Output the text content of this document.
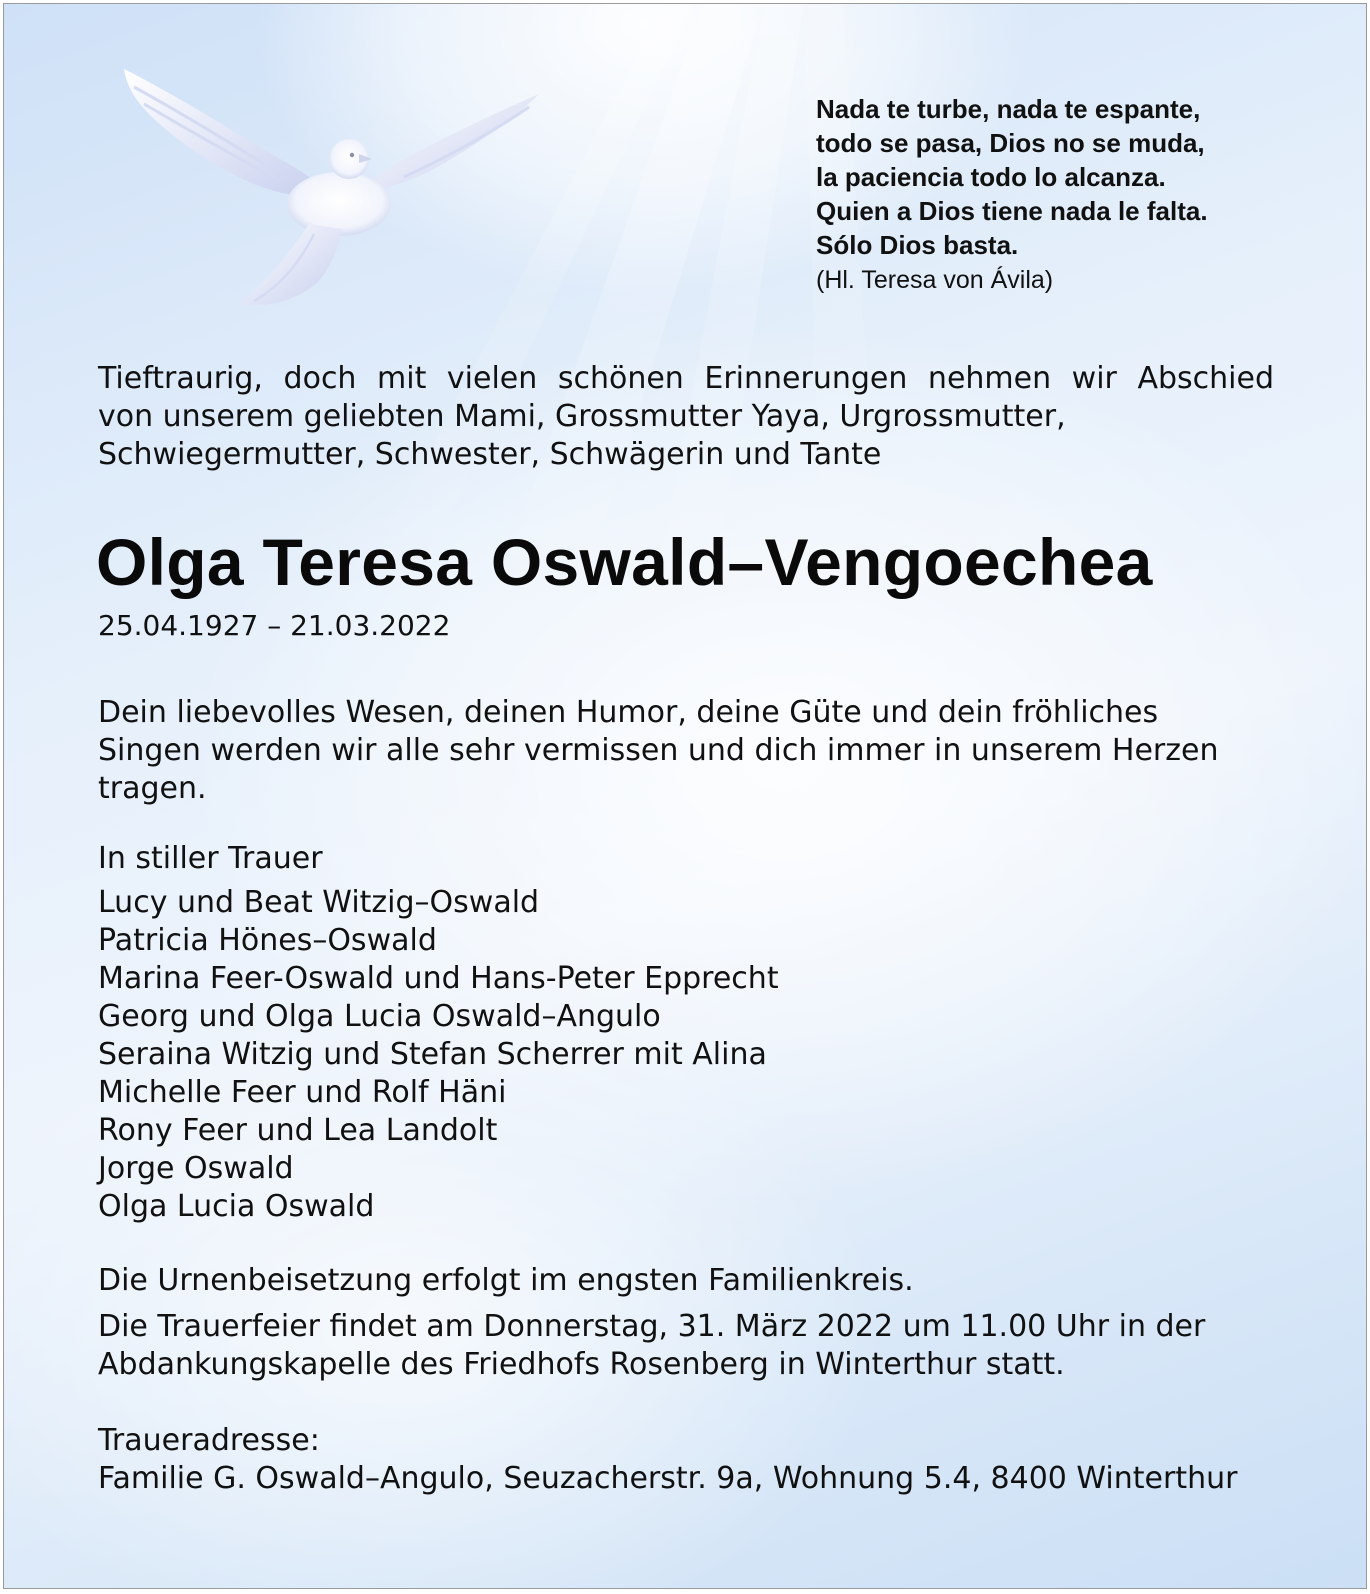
Nada te turbe, nada te espante,
todo se pasa, Dios no se muda,
la paciencia todo lo alcanza.
Quien a Dios tiene nada le falta.
Sólo Dios basta.
(Hl. Teresa von Ávila)
Tieftraurig, doch mit vielen schönen Erinnerungen nehmen wir Abschied
von unserem geliebten Mami, Grossmutter Yaya, Urgrossmutter,
Schwiegermutter, Schwester, Schwägerin und Tante
Olga Teresa Oswald–Vengoechea
25.04.1927 – 21.03.2022
Dein liebevolles Wesen, deinen Humor, deine Güte und dein fröhliches
Singen werden wir alle sehr vermissen und dich immer in unserem Herzen
tragen.
In stiller Trauer
Lucy und Beat Witzig–Oswald
Patricia Hönes–Oswald
Marina Feer-Oswald und Hans-Peter Epprecht
Georg und Olga Lucia Oswald–Angulo
Seraina Witzig und Stefan Scherrer mit Alina
Michelle Feer und Rolf Häni
Rony Feer und Lea Landolt
Jorge Oswald
Olga Lucia Oswald
Die Urnenbeisetzung erfolgt im engsten Familienkreis.
Die Trauerfeier findet am Donnerstag, 31. März 2022 um 11.00 Uhr in der
Abdankungskapelle des Friedhofs Rosenberg in Winterthur statt.
Traueradresse:
Familie G. Oswald–Angulo, Seuzacherstr. 9a, Wohnung 5.4, 8400 Winterthur
